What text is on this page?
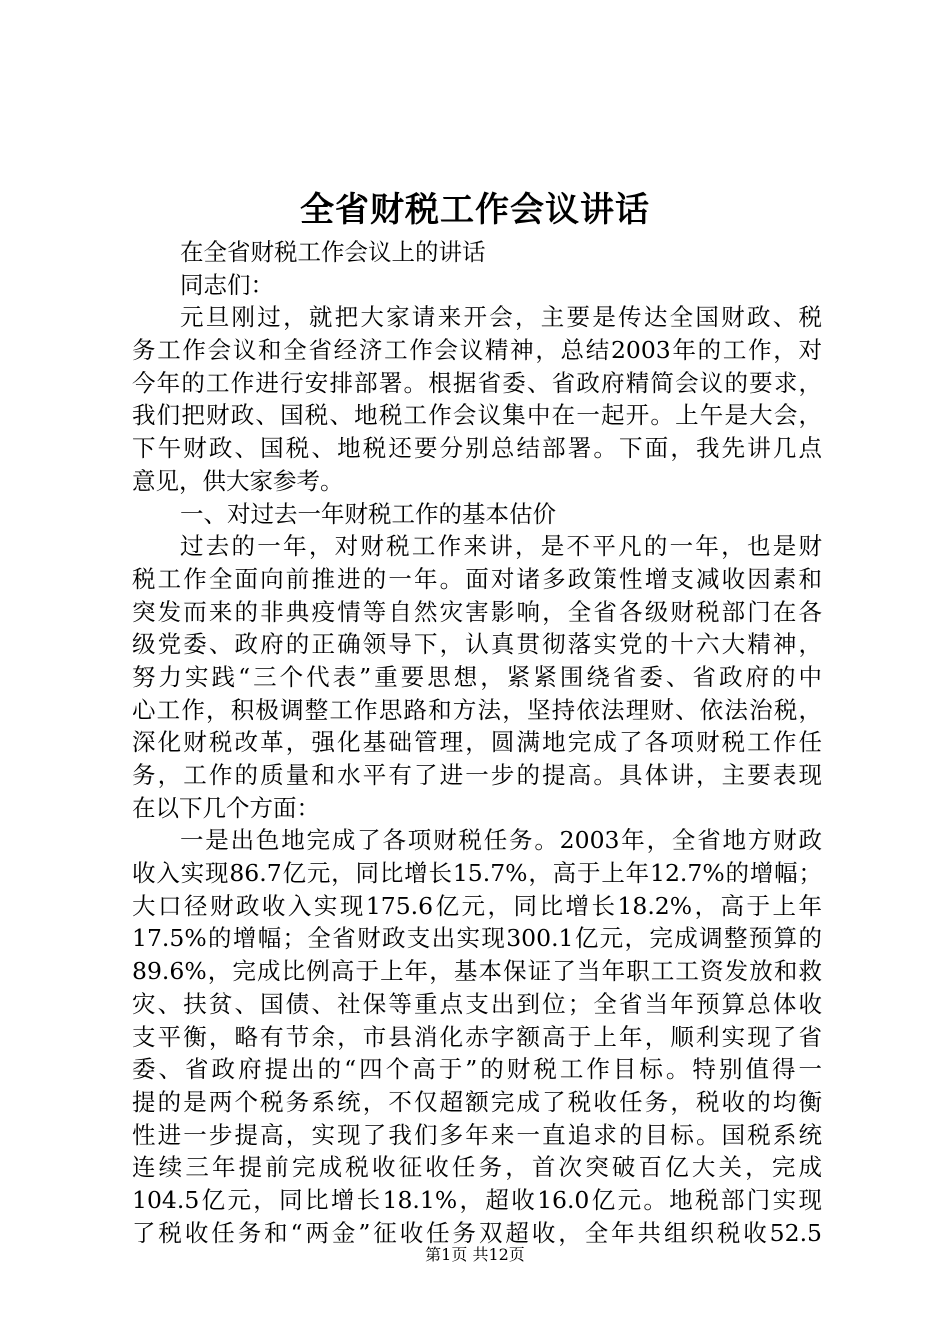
全省财税工作会议讲话

在全省财税工作会议上的讲话

同志们：

元旦刚过，就把大家请来开会，主要是传达全国财政、税

务工作会议和全省经济工作会议精神，总结2003年的工作，对

今年的工作进行安排部署。根据省委、省政府精简会议的要求，

我们把财政、国税、地税工作会议集中在一起开。上午是大会，

下午财政、国税、地税还要分别总结部署。下面，我先讲几点

意见，供大家参考。

一、对过去一年财税工作的基本估价

过去的一年，对财税工作来讲，是不平凡的一年，也是财

税工作全面向前推进的一年。面对诸多政策性增支减收因素和

突发而来的非典疫情等自然灾害影响，全省各级财税部门在各

级党委、政府的正确领导下，认真贯彻落实党的十六大精神，

努力实践“三个代表”重要思想，紧紧围绕省委、省政府的中

心工作，积极调整工作思路和方法，坚持依法理财、依法治税，

深化财税改革，强化基础管理，圆满地完成了各项财税工作任

务，工作的质量和水平有了进一步的提高。具体讲，主要表现

在以下几个方面：

一是出色地完成了各项财税任务。2003年，全省地方财政

收入实现86.7亿元，同比增长15.7%，高于上年12.7%的增幅；

大口径财政收入实现175.6亿元，同比增长18.2%，高于上年

17.5%的增幅；全省财政支出实现300.1亿元，完成调整预算的

89.6%，完成比例高于上年，基本保证了当年职工工资发放和救

灾、扶贫、国债、社保等重点支出到位；全省当年预算总体收

支平衡，略有节余，市县消化赤字额高于上年，顺利实现了省

委、省政府提出的“四个高于”的财税工作目标。特别值得一

提的是两个税务系统，不仅超额完成了税收任务，税收的均衡

性进一步提高，实现了我们多年来一直追求的目标。国税系统

连续三年提前完成税收征收任务，首次突破百亿大关，完成

104.5亿元，同比增长18.1%，超收16.0亿元。地税部门实现

了税收任务和“两金”征收任务双超收，全年共组织税收52.5

第1页 共12页
